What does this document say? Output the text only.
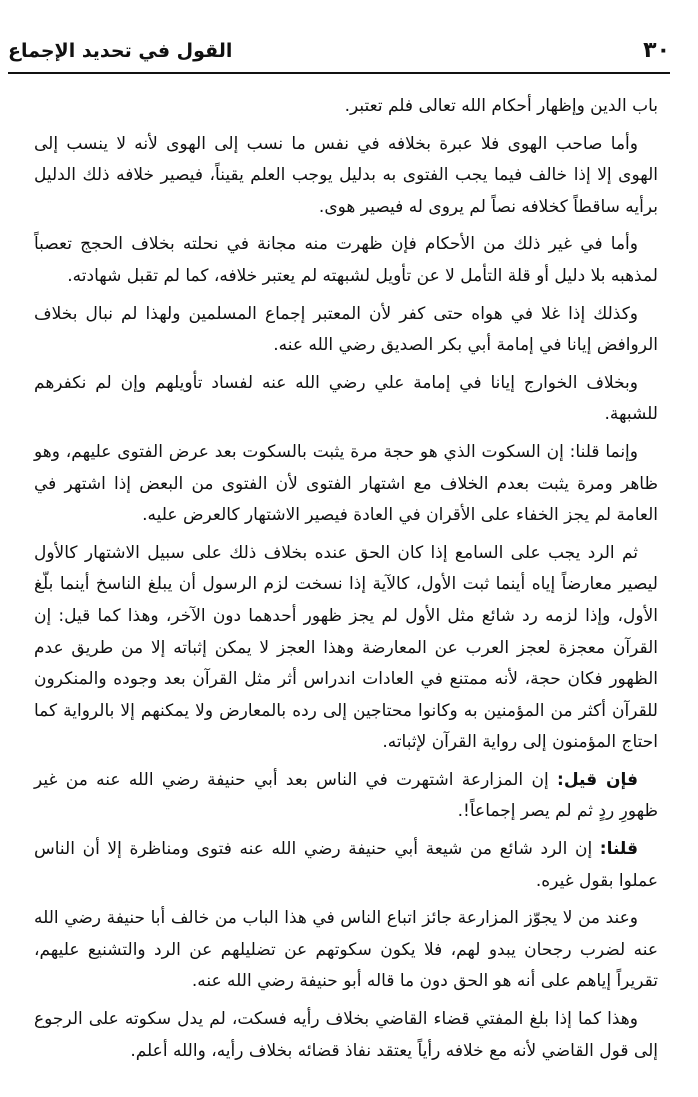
القول في تحديد الإجماع	٣٠

باب الدين وإظهار أحكام الله تعالى فلم تعتبر.

وأما صاحب الهوى فلا عبرة بخلافه في نفس ما نسب إلى الهوى لأنه لا ينسب إلى الهوى إلا إذا خالف فيما يجب الفتوى به بدليل يوجب العلم يقيناً، فيصير خلافه ذلك الدليل برأيه ساقطاً كخلافه نصاً لم يروى له فيصير هوى.

وأما في غير ذلك من الأحكام فإن ظهرت منه مجانة في نحلته بخلاف الحجج تعصباً لمذهبه بلا دليل أو قلة التأمل لا عن تأويل لشبهته لم يعتبر خلافه، كما لم تقبل شهادته.

وكذلك إذا غلا في هواه حتى كفر لأن المعتبر إجماع المسلمين ولهذا لم نبال بخلاف الروافض إيانا في إمامة أبي بكر الصديق رضي الله عنه.

وبخلاف الخوارج إيانا في إمامة علي رضي الله عنه لفساد تأويلهم وإن لم نكفرهم للشبهة.

وإنما قلنا: إن السكوت الذي هو حجة مرة يثبت بالسكوت بعد عرض الفتوى عليهم، وهو ظاهر ومرة يثبت بعدم الخلاف مع اشتهار الفتوى لأن الفتوى من البعض إذا اشتهر في العامة لم يجز الخفاء على الأقران في العادة فيصير الاشتهار كالعرض عليه.

ثم الرد يجب على السامع إذا كان الحق عنده بخلاف ذلك على سبيل الاشتهار كالأول ليصير معارضاً إياه أينما ثبت الأول، كالآية إذا نسخت لزم الرسول أن يبلغ الناسخ أينما بلّغ الأول، وإذا لزمه رد شائع مثل الأول لم يجز ظهور أحدهما دون الآخر، وهذا كما قيل: إن القرآن معجزة لعجز العرب عن المعارضة وهذا العجز لا يمكن إثباته إلا من طريق عدم الظهور فكان حجة، لأنه ممتنع في العادات اندراس أثر مثل القرآن بعد وجوده والمنكرون للقرآن أكثر من المؤمنين به وكانوا محتاجين إلى رده بالمعارض ولا يمكنهم إلا بالرواية كما احتاج المؤمنون إلى رواية القرآن لإثباته.

فإن قيل: إن المزارعة اشتهرت في الناس بعد أبي حنيفة رضي الله عنه من غير ظهورِ ردٍ ثم لم يصر إجماعاً!.

قلنا: إن الرد شائع من شيعة أبي حنيفة رضي الله عنه فتوى ومناظرة إلا أن الناس عملوا بقول غيره.

وعند من لا يجوّز المزارعة جائز اتباع الناس في هذا الباب من خالف أبا حنيفة رضي الله عنه لضرب رجحان يبدو لهم، فلا يكون سكوتهم عن تضليلهم عن الرد والتشنيع عليهم، تقريراً إياهم على أنه هو الحق دون ما قاله أبو حنيفة رضي الله عنه.

وهذا كما إذا بلغ المفتي قضاء القاضي بخلاف رأيه فسكت، لم يدل سكوته على الرجوع إلى قول القاضي لأنه مع خلافه رأياً يعتقد نفاذ قضائه بخلاف رأيه، والله أعلم.
